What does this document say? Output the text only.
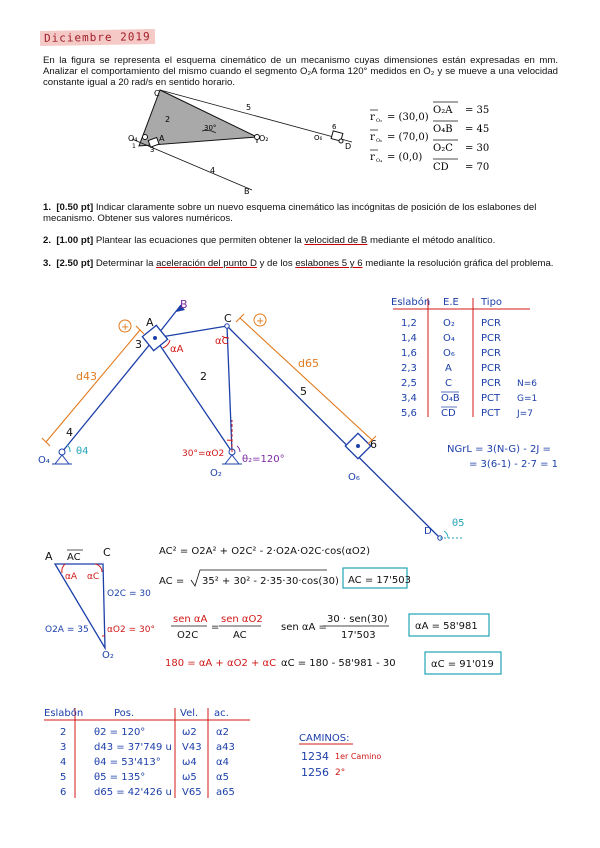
Diciembre 2019
En la figura se representa el esquema cinemático de un mecanismo cuyas dimensiones están expresadas en mm. Analizar el comportamiento del mismo cuando el segmento O₂A forma 120° medidos en O₂ y se mueve a una velocidad constante igual a 20 rad/s en sentido horario.
C
5
2
30°
A	O₂
O₄
3
4
B
6
O₆
D
1
r O₂ = (30,0)
r O₆ = (70,0)
r O₄ = (0,0)
O₂A = 35
O₄B = 45
O₂C = 30
CD = 70
1. [0.50 pt] Indicar claramente sobre un nuevo esquema cinemático las incógnitas de posición de los eslabones del mecanismo. Obtener sus valores numéricos.
2. [1.00 pt] Plantear las ecuaciones que permiten obtener la velocidad de B mediante el método analítico.
3. [2.50 pt] Determinar la aceleración del punto D y de los eslabones 5 y 6 mediante la resolución gráfica del problema.
+
+
d43
d65
B
A	C
3
2
5
4
6
αA
αC
O₄
θ4
O₂	O₆
D
θ5
θ₂=120°
30°=αO2
Eslabón E.E Tipo
1,2	O₂	PCR
1,4	O₄	PCR
1,6	O₆	PCR
2,3	A	PCR
2,5	C	PCR
3,4 O₄B PCT
5,6 CD	PCT
N=6
G=1
J=7
NGrL = 3(N-G) - 2J =
= 3(6-1) - 2·7 = 1
A	C
AC
αA αC
O2C = 30
αO2 = 30°
O2A = 35
O₂
AC² = O2A² + O2C² - 2·O2A·O2C·cos(αO2)
AC = 35² + 30² - 2·35·30·cos(30) AC = 17'503
sen αA
O2C
=
sen αO2
AC
sen αA =
30 · sen(30)
17'503
αA = 58'981
180 = αA + αO2 + αC αC = 180 - 58'981 - 30	αC = 91'019
Eslabón	Pos.	Vel. ac.
2	θ2 = 120°	ω2 α2
3	d43 = 37'749 u V43 a43
4	θ4 = 53'413° ω4 α4
5	θ5 = 135°	ω5 α5
6	d65 = 42'426 u V65 a65
CAMINOS:
1234 1er Camino
1256 2°
